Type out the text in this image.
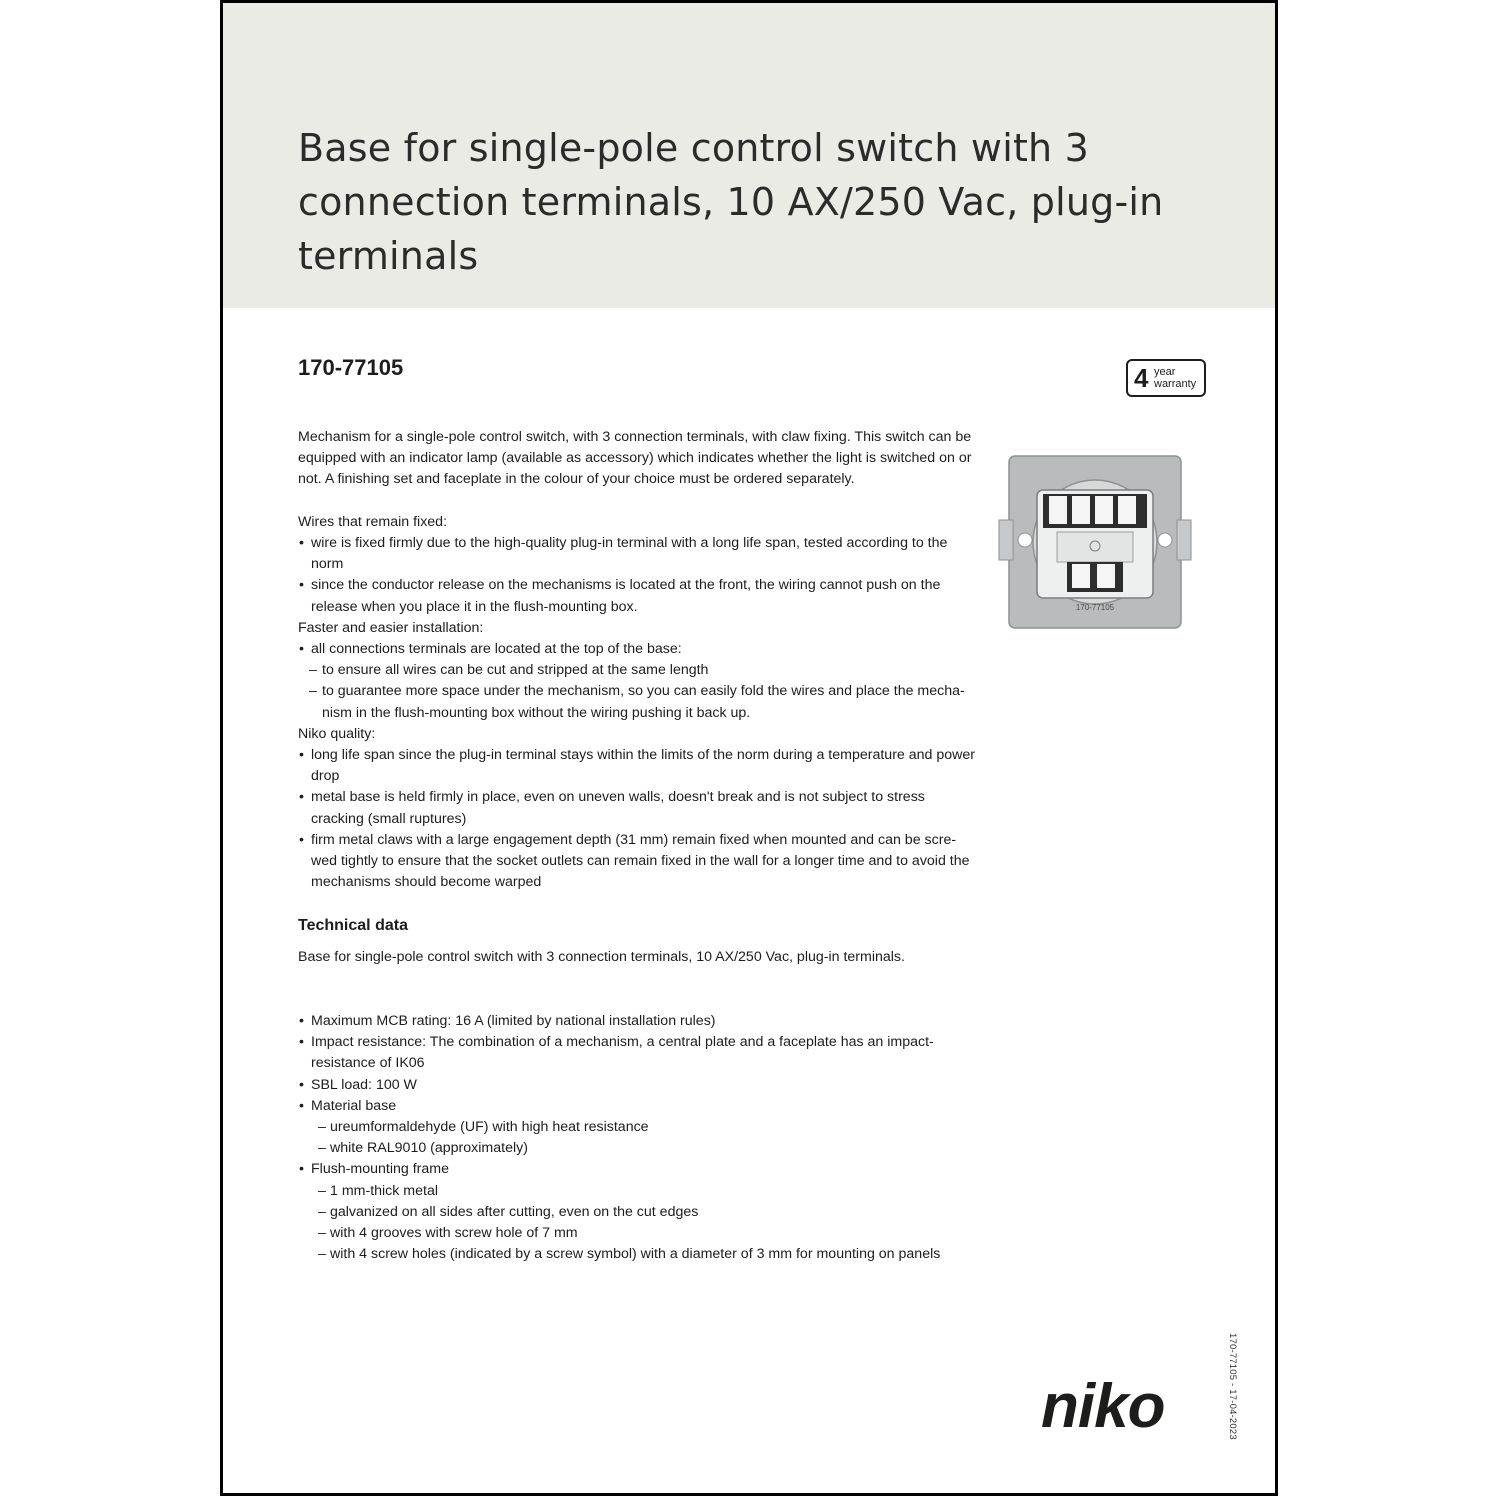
Base for single-pole control switch with 3 connection terminals, 10 AX/250 Vac, plug-in terminals
170-77105	4 year
warranty

Mechanism for a single-pole control switch, with 3 connection terminals, with claw fixing. This switch can be equipped with an indicator lamp (available as accessory) which indicates whether the light is switched on or not. A finishing set and faceplate in the colour of your choice must be ordered separately.

Wires that remain fixed:

• wire is fixed firmly due to the high-quality plug-in terminal with a long life span, tested according to the norm

• since the conductor release on the mechanisms is located at the front, the wiring cannot push on the release when you place it in the flush-mounting box.

Faster and easier installation:

• all connections terminals are located at the top of the base:

– to ensure all wires can be cut and stripped at the same length

– to guarantee more space under the mechanism, so you can easily fold the wires and place the mecha-nism in the flush-mounting box without the wiring pushing it back up.

Niko quality:

• long life span since the plug-in terminal stays within the limits of the norm during a temperature and power drop

• metal base is held firmly in place, even on uneven walls, doesn't break and is not subject to stress cracking (small ruptures)

• firm metal claws with a large engagement depth (31 mm) remain fixed when mounted and can be scre-wed tightly to ensure that the socket outlets can remain fixed in the wall for a longer time and to avoid the mechanisms should become warped

Technical data

Base for single-pole control switch with 3 connection terminals, 10 AX/250 Vac, plug-in terminals.

• Maximum MCB rating: 16 A (limited by national installation rules)

• Impact resistance: The combination of a mechanism, a central plate and a faceplate has an impact-resistance of IK06

• SBL load: 100 W

• Material base

– ureumformaldehyde (UF) with high heat resistance

– white RAL9010 (approximately)

• Flush-mounting frame

– 1 mm-thick metal

– galvanized on all sides after cutting, even on the cut edges

– with 4 grooves with screw hole of 7 mm

– with 4 screw holes (indicated by a screw symbol) with a diameter of 3 mm for mounting on panels

170-77105
niko	170-77105 - 17-04-2023
